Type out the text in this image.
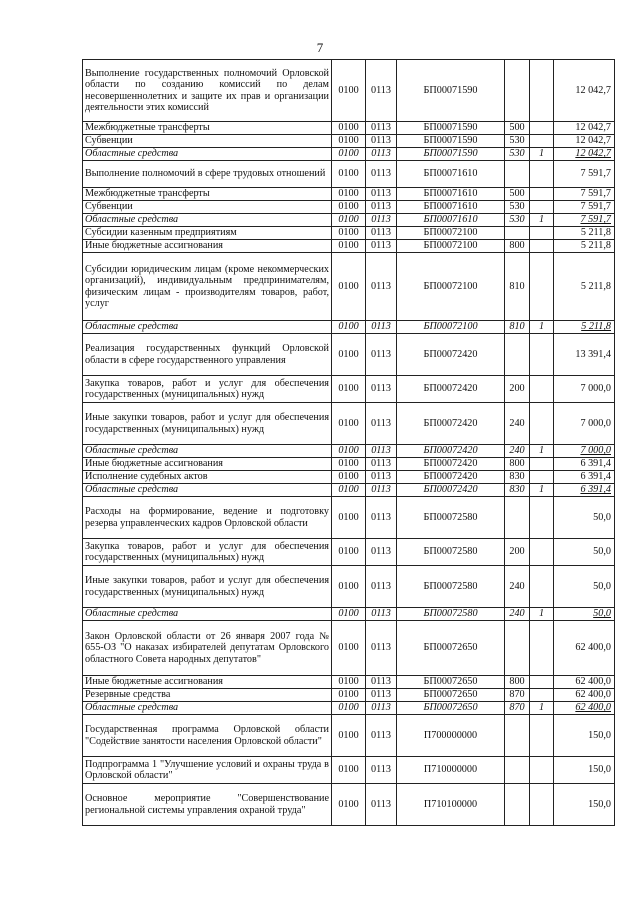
7
Выполнение государственных полномочий Орловской области по созданию комиссий по делам несовершеннолетних и защите их прав и организации деятельности этих комиссий	0100	0113	БП00071590			12 042,7
Межбюджетные трансферты	0100	0113	БП00071590	500		12 042,7
Субвенции	0100	0113	БП00071590	530		12 042,7
Областные средства	0100	0113	БП00071590	530	1	12 042,7
Выполнение полномочий в сфере трудовых отношений	0100	0113	БП00071610			7 591,7
Межбюджетные трансферты	0100	0113	БП00071610	500		7 591,7
Субвенции	0100	0113	БП00071610	530		7 591,7
Областные средства	0100	0113	БП00071610	530	1	7 591,7
Субсидии казенным предприятиям	0100	0113	БП00072100			5 211,8
Иные бюджетные ассигнования	0100	0113	БП00072100	800		5 211,8
Субсидии юридическим лицам (кроме некоммерческих организаций), индивидуальным предпринимателям, физическим лицам - производителям товаров, работ, услуг	0100	0113	БП00072100	810		5 211,8
Областные средства	0100	0113	БП00072100	810	1	5 211,8
Реализация государственных функций Орловской области в сфере государственного управления	0100	0113	БП00072420			13 391,4
Закупка товаров, работ и услуг для обеспечения государственных (муниципальных) нужд	0100	0113	БП00072420	200		7 000,0
Иные закупки товаров, работ и услуг для обеспечения государственных (муниципальных) нужд	0100	0113	БП00072420	240		7 000,0
Областные средства	0100	0113	БП00072420	240	1	7 000,0
Иные бюджетные ассигнования	0100	0113	БП00072420	800		6 391,4
Исполнение судебных актов	0100	0113	БП00072420	830		6 391,4
Областные средства	0100	0113	БП00072420	830	1	6 391,4
Расходы на формирование, ведение и подготовку резерва управленческих кадров Орловской области	0100	0113	БП00072580			50,0
Закупка товаров, работ и услуг для обеспечения государственных (муниципальных) нужд	0100	0113	БП00072580	200		50,0
Иные закупки товаров, работ и услуг для обеспечения государственных (муниципальных) нужд	0100	0113	БП00072580	240		50,0
Областные средства	0100	0113	БП00072580	240	1	50,0
Закон Орловской области от 26 января 2007 года № 655-ОЗ "О наказах избирателей депутатам Орловского областного Совета народных депутатов"	0100	0113	БП00072650			62 400,0
Иные бюджетные ассигнования	0100	0113	БП00072650	800		62 400,0
Резервные средства	0100	0113	БП00072650	870		62 400,0
Областные средства	0100	0113	БП00072650	870	1	62 400,0
Государственная программа Орловской области "Содействие занятости населения Орловской области"	0100	0113	П700000000			150,0
Подпрограмма 1 "Улучшение условий и охраны труда в Орловской области"	0100	0113	П710000000			150,0
Основное мероприятие "Совершенствование региональной системы управления охраной труда"	0100	0113	П710100000			150,0
